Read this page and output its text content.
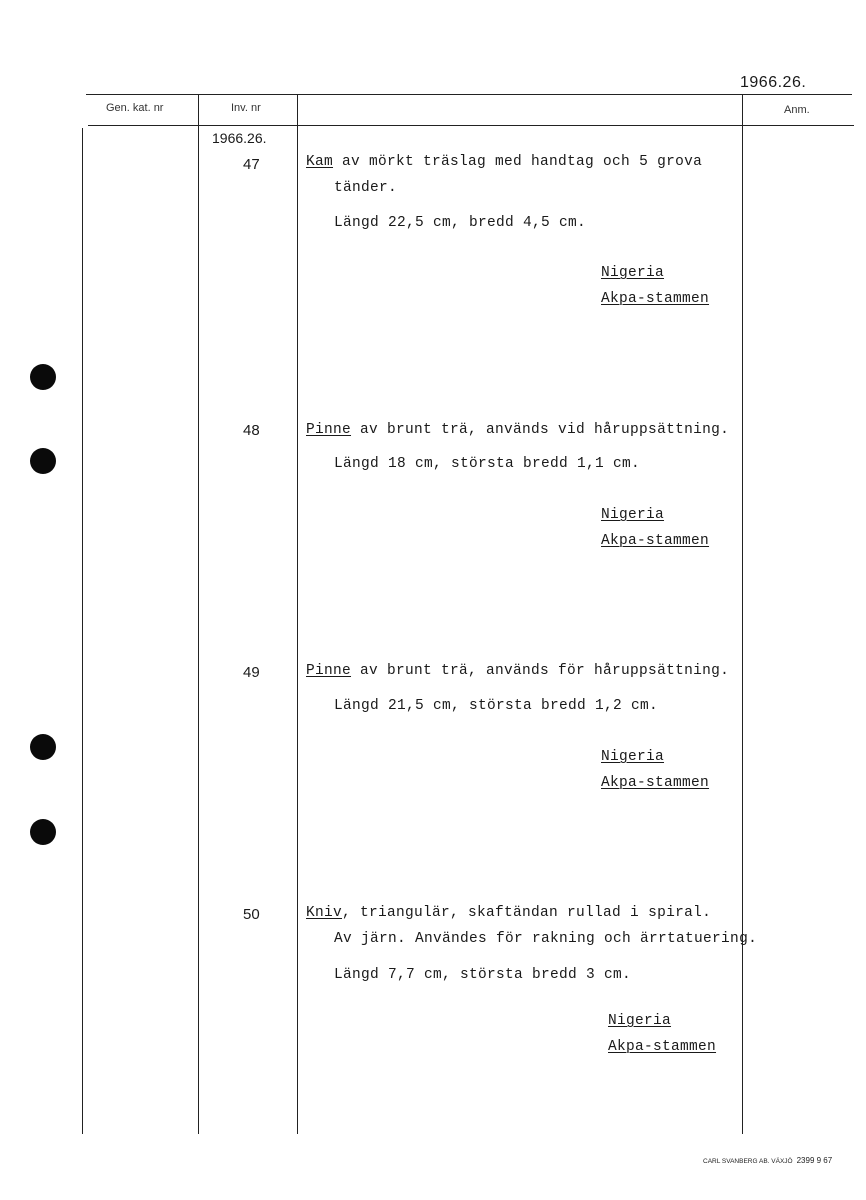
1966.26.
Gen. kat. nr	Inv. nr	Anm.
1966.26.
47	Kam av mörkt träslag med handtag och 5 grova
tänder.
Längd 22,5 cm, bredd 4,5 cm.
Nigeria
Akpa-stammen
48	Pinne av brunt trä, används vid håruppsättning.
Längd 18 cm, största bredd 1,1 cm.
Nigeria
Akpa-stammen
49	Pinne av brunt trä, används för håruppsättning.
Längd 21,5 cm, största bredd 1,2 cm.
Nigeria
Akpa-stammen
50	Kniv, triangulär, skaftändan rullad i spiral.
Av järn. Användes för rakning och ärrtatuering.
Längd 7,7 cm, största bredd 3 cm.
Nigeria
Akpa-stammen
CARL SVANBERG AB. VÄXJÖ 2399 9 67
